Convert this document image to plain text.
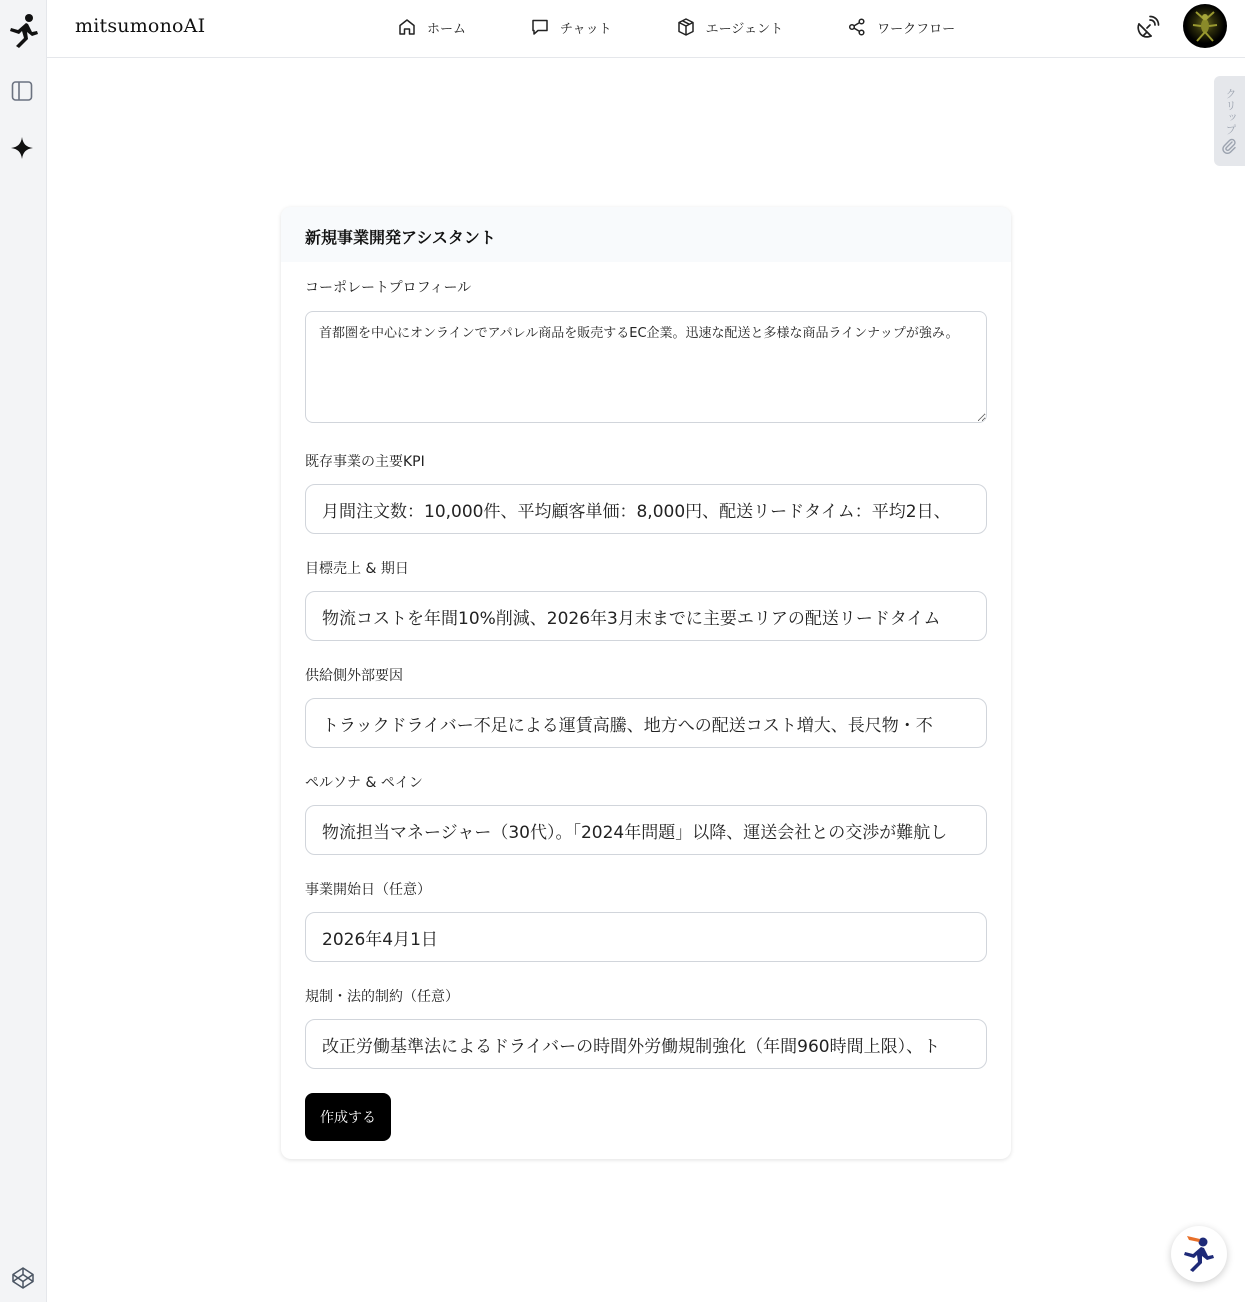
mitsumonoAI	ホーム	チャット	エージェント	ワークフロー
クリップ
新規事業開発アシスタント
コーポレートプロフィール
首都圏を中心にオンラインでアパレル商品を販売するEC企業。迅速な配送と多様な商品ラインナップが強み。
既存事業の主要KPI
月間注文数：10,000件、平均顧客単価：8,000円、配送リードタイム：平均2日、
目標売上 & 期日
物流コストを年間10%削減、2026年3月末までに主要エリアの配送リードタイム
供給側外部要因
トラックドライバー不足による運賃高騰、地方への配送コスト増大、長尺物・不
ペルソナ & ペイン
物流担当マネージャー（30代）。「2024年問題」以降、運送会社との交渉が難航し
事業開始日（任意）
2026年4月1日
規制・法的制約（任意）
改正労働基準法によるドライバーの時間外労働規制強化（年間960時間上限）、ト 作成する
